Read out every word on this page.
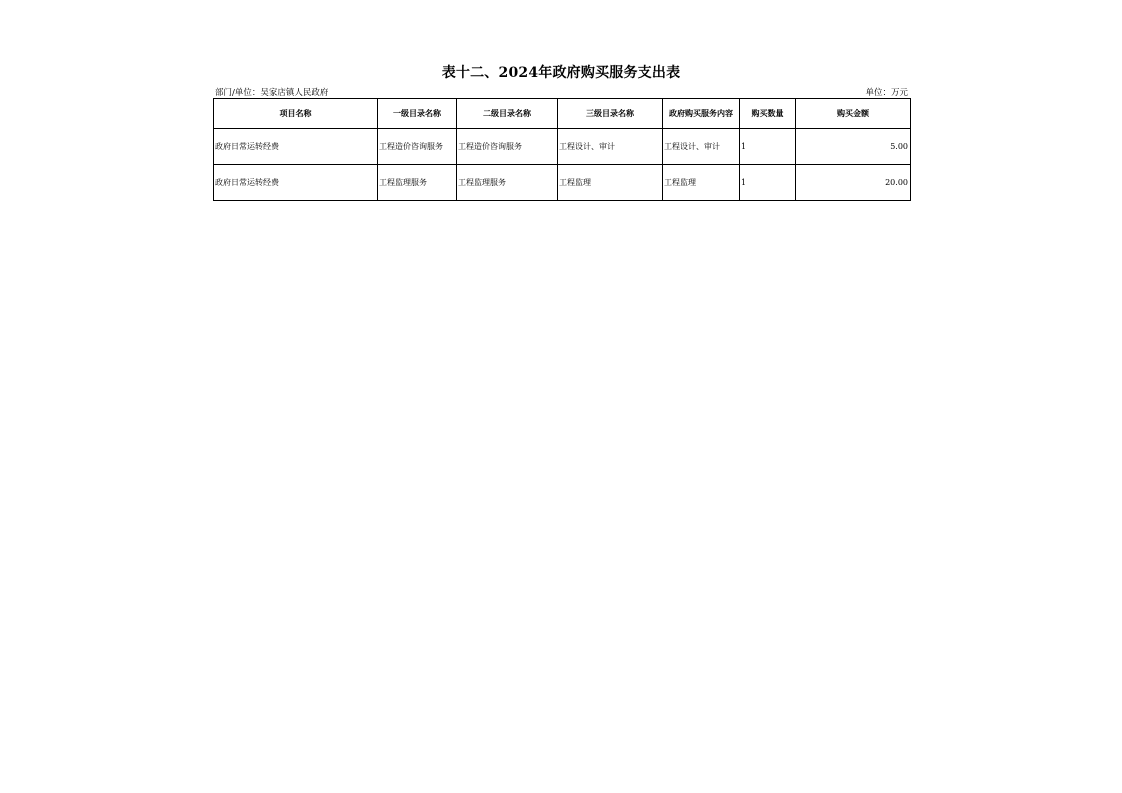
表十二、2024年政府购买服务支出表
部门/单位：吴家店镇人民政府	单位：万元
项目名称	一级目录名称	二级目录名称	三级目录名称	政府购买服务内容	购买数量	购买金额
政府日常运转经费	工程造价咨询服务	工程造价咨询服务	工程设计、审计	工程设计、审计	1	5.00
政府日常运转经费	工程监理服务	工程监理服务	工程监理	工程监理	1	20.00
